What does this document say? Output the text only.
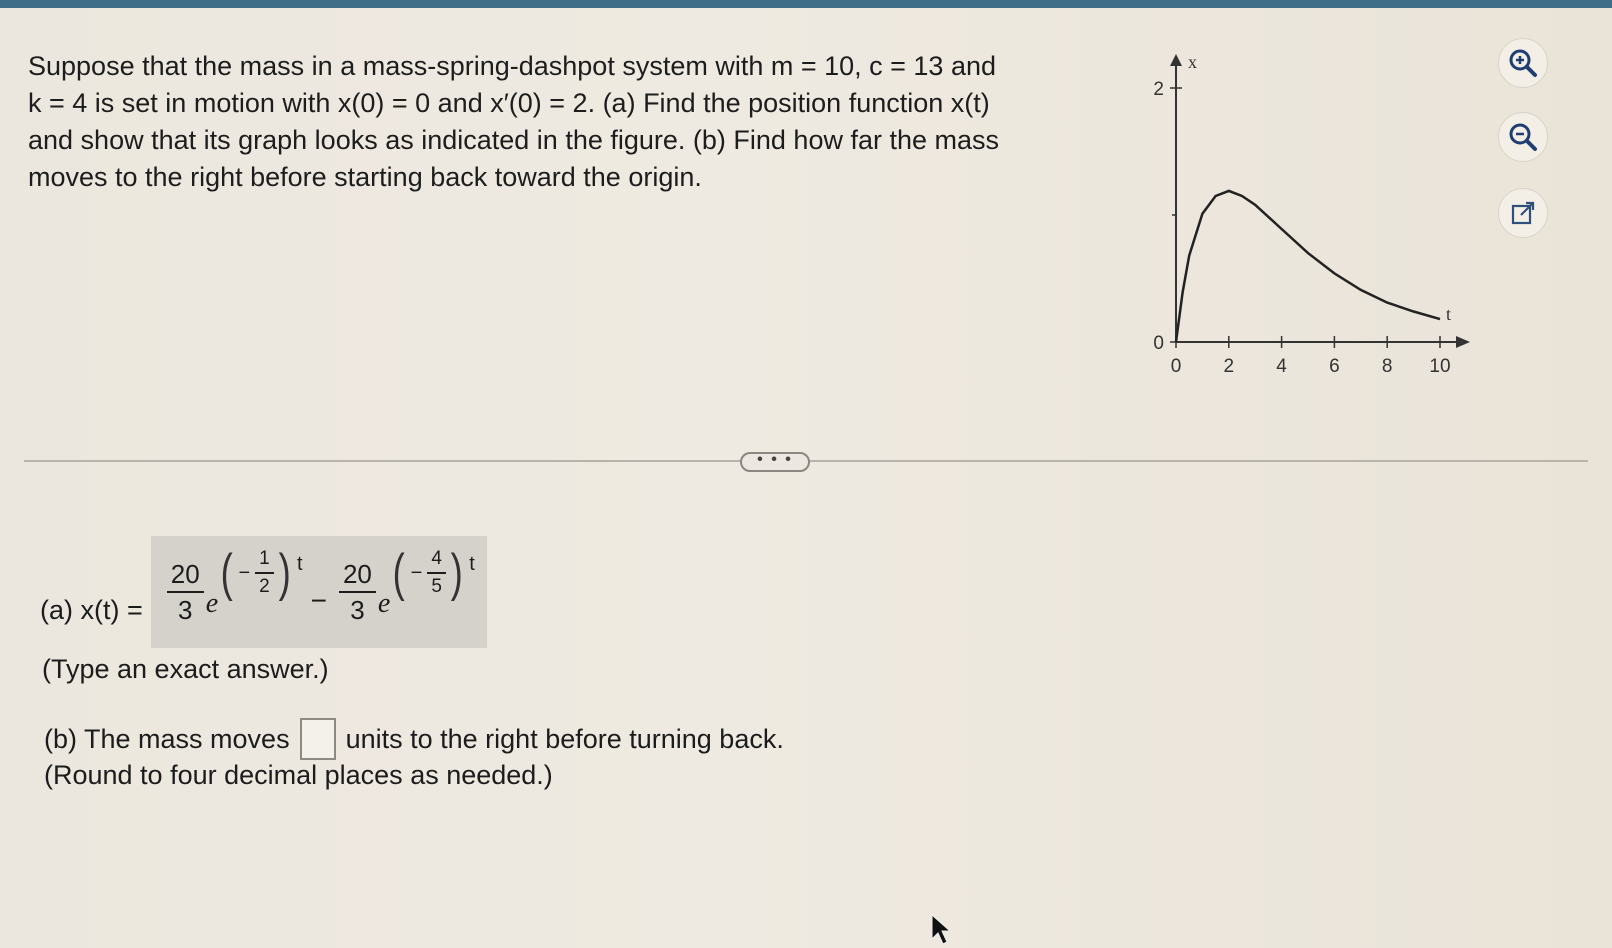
Suppose that the mass in a mass-spring-dashpot system with m = 10, c = 13 and

k = 4 is set in motion with x(0) = 0 and x′(0) = 2. (a) Find the position function x(t)

and show that its graph looks as indicated in the figure. (b) Find how far the mass

moves to the right before starting back toward the origin.

x
t
0 2 4 6 8 10
2
0
• • •
(a) $x(t) = \frac{20}{3}$ e
( − $\frac{1}{2}$ ) t
− $\frac{20}{3}$ e
( − $\frac{4}{5}$ ) t
(Type an exact answer.)
(b) The mass moves units to the right before turning back.
(Round to four decimal places as needed.)
